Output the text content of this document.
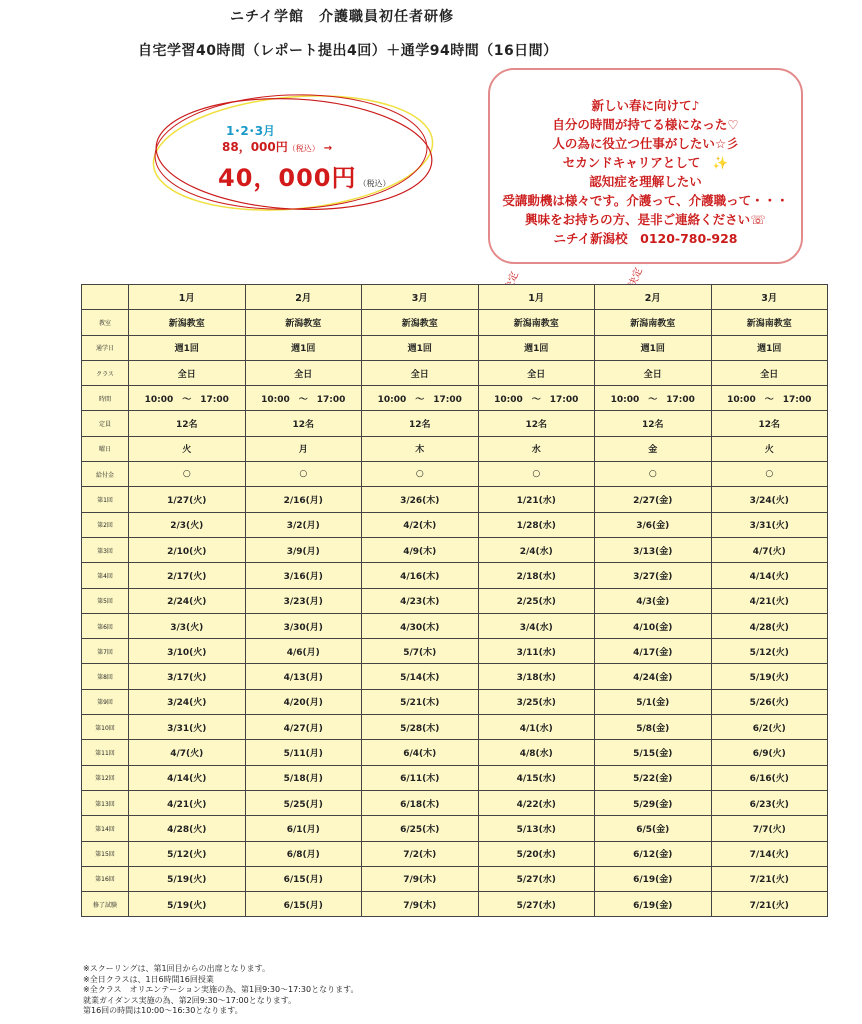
ニチイ学館　介護職員初任者研修
自宅学習40時間（レポート提出4回）＋通学94時間（16日間）
1･2･3月
88，000円（税込） →
40，000円 （税込）
新しい春に向けて♪
自分の時間が持てる様になった♡
人の為に役立つ仕事がしたい☆彡
セカンドキャリアとして　✨
認知症を理解したい
受講動機は様々です。介護って、介護職って・・・
興味をお持ちの方、是非ご連絡ください☏
ニチイ新潟校　0120-780-928
	1月	2月	3月	1月	2月	3月
教室	新潟教室	新潟教室	新潟教室	新潟南教室	新潟南教室	新潟南教室
通学日	週1回	週1回	週1回	週1回	週1回	週1回
クラス	全日	全日	全日	全日	全日	全日
時間	10:00　～　17:00	10:00　～　17:00	10:00　～　17:00	10:00　～　17:00	10:00　～　17:00	10:00　～　17:00
定員	12名	12名	12名	12名	12名	12名
曜日	火	月	木	水	金	火
給付金	○	○	○	○	○	○
第1回	1/27(火)	2/16(月)	3/26(木)	1/21(水)	2/27(金)	3/24(火)
第2回	2/3(火)	3/2(月)	4/2(木)	1/28(水)	3/6(金)	3/31(火)
第3回	2/10(火)	3/9(月)	4/9(木)	2/4(水)	3/13(金)	4/7(火)
第4回	2/17(火)	3/16(月)	4/16(木)	2/18(水)	3/27(金)	4/14(火)
第5回	2/24(火)	3/23(月)	4/23(木)	2/25(水)	4/3(金)	4/21(火)
第6回	3/3(火)	3/30(月)	4/30(木)	3/4(水)	4/10(金)	4/28(火)
第7回	3/10(火)	4/6(月)	5/7(木)	3/11(水)	4/17(金)	5/12(火)
第8回	3/17(火)	4/13(月)	5/14(木)	3/18(水)	4/24(金)	5/19(火)
第9回	3/24(火)	4/20(月)	5/21(木)	3/25(水)	5/1(金)	5/26(火)
第10回	3/31(火)	4/27(月)	5/28(木)	4/1(水)	5/8(金)	6/2(火)
第11回	4/7(火)	5/11(月)	6/4(木)	4/8(水)	5/15(金)	6/9(火)
第12回	4/14(火)	5/18(月)	6/11(木)	4/15(水)	5/22(金)	6/16(火)
第13回	4/21(火)	5/25(月)	6/18(木)	4/22(水)	5/29(金)	6/23(火)
第14回	4/28(火)	6/1(月)	6/25(木)	5/13(水)	6/5(金)	7/7(火)
第15回	5/12(火)	6/8(月)	7/2(木)	5/20(水)	6/12(金)	7/14(火)
第16回	5/19(火)	6/15(月)	7/9(木)	5/27(水)	6/19(金)	7/21(火)
修了試験	5/19(火)	6/15(月)	7/9(木)	5/27(水)	6/19(金)	7/21(火)
※スクーリングは、第1回目からの出席となります。
※全日クラスは、1日6時間16回授業
※全クラス　オリエンテーション実施の為、第1回9:30～17:30となります。
就業ガイダンス実施の為、第2回9:30～17:00となります。
第16回の時間は10:00～16:30となります。
